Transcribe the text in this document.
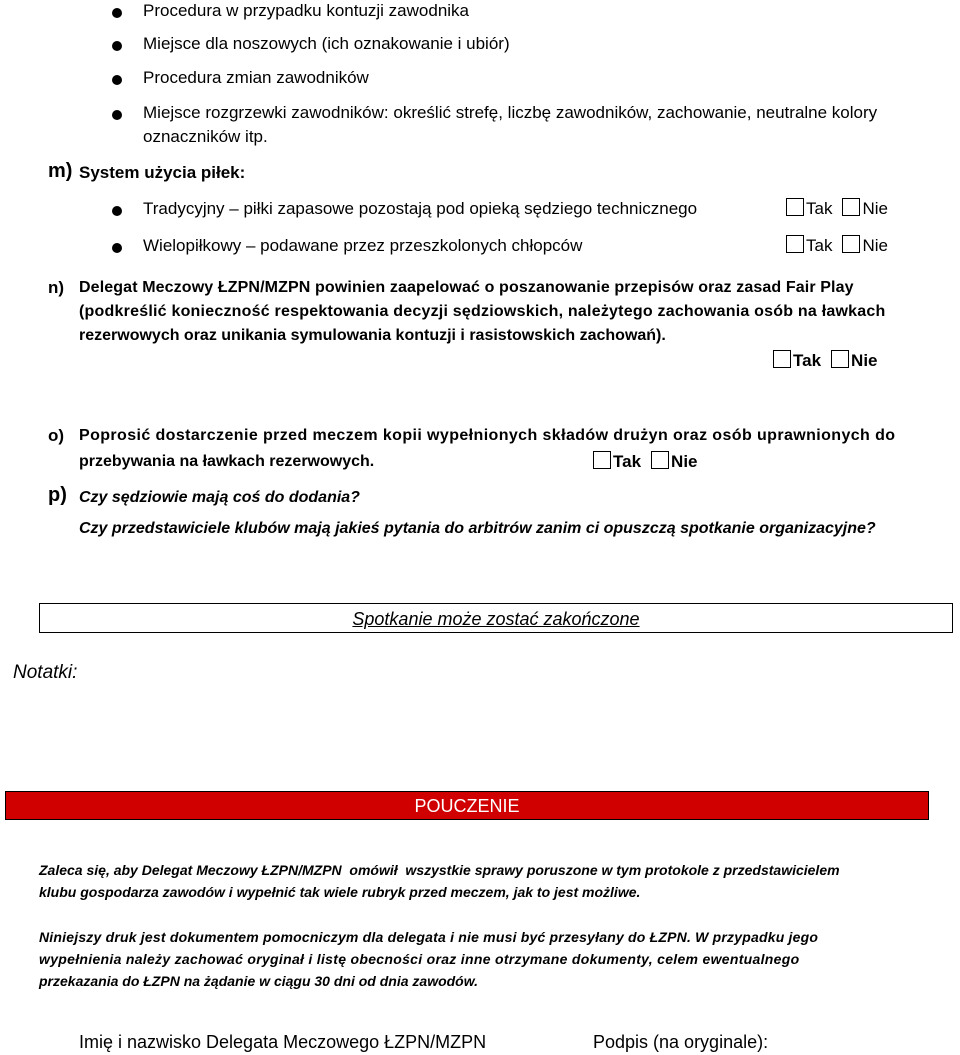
Procedura w przypadku kontuzji zawodnika
Miejsce dla noszowych (ich oznakowanie i ubiór)
Procedura zmian zawodników
Miejsce rozgrzewki zawodników: określić strefę, liczbę zawodników, zachowanie, neutralne kolory
oznaczników itp.
m) System użycia piłek:
Tradycyjny – piłki zapasowe pozostają pod opieką sędziego technicznego	Tak Nie
Wielopiłkowy – podawane przez przeszkolonych chłopców	Tak Nie
n) Delegat Meczowy ŁZPN/MZPN powinien zaapelować o poszanowanie przepisów oraz zasad Fair Play
(podkreślić konieczność respektowania decyzji sędziowskich, należytego zachowania osób na ławkach
rezerwowych oraz unikania symulowania kontuzji i rasistowskich zachowań).
Tak Nie
o) Poprosić dostarczenie przed meczem kopii wypełnionych składów drużyn oraz osób uprawnionych do
przebywania na ławkach rezerwowych.	Tak Nie
p) Czy sędziowie mają coś do dodania?
Czy przedstawiciele klubów mają jakieś pytania do arbitrów zanim ci opuszczą spotkanie organizacyjne?
Spotkanie może zostać zakończone
Notatki:
POUCZENIE
Zaleca się, aby Delegat Meczowy ŁZPN/MZPN  omówił  wszystkie sprawy poruszone w tym protokole z przedstawicielem
klubu gospodarza zawodów i wypełnić tak wiele rubryk przed meczem, jak to jest możliwe.
Niniejszy druk jest dokumentem pomocniczym dla delegata i nie musi być przesyłany do ŁZPN. W przypadku jego
wypełnienia należy zachować oryginał i listę obecności oraz inne otrzymane dokumenty, celem ewentualnego
przekazania do ŁZPN na żądanie w ciągu 30 dni od dnia zawodów.
Imię i nazwisko Delegata Meczowego ŁZPN/MZPN	Podpis (na oryginale):
